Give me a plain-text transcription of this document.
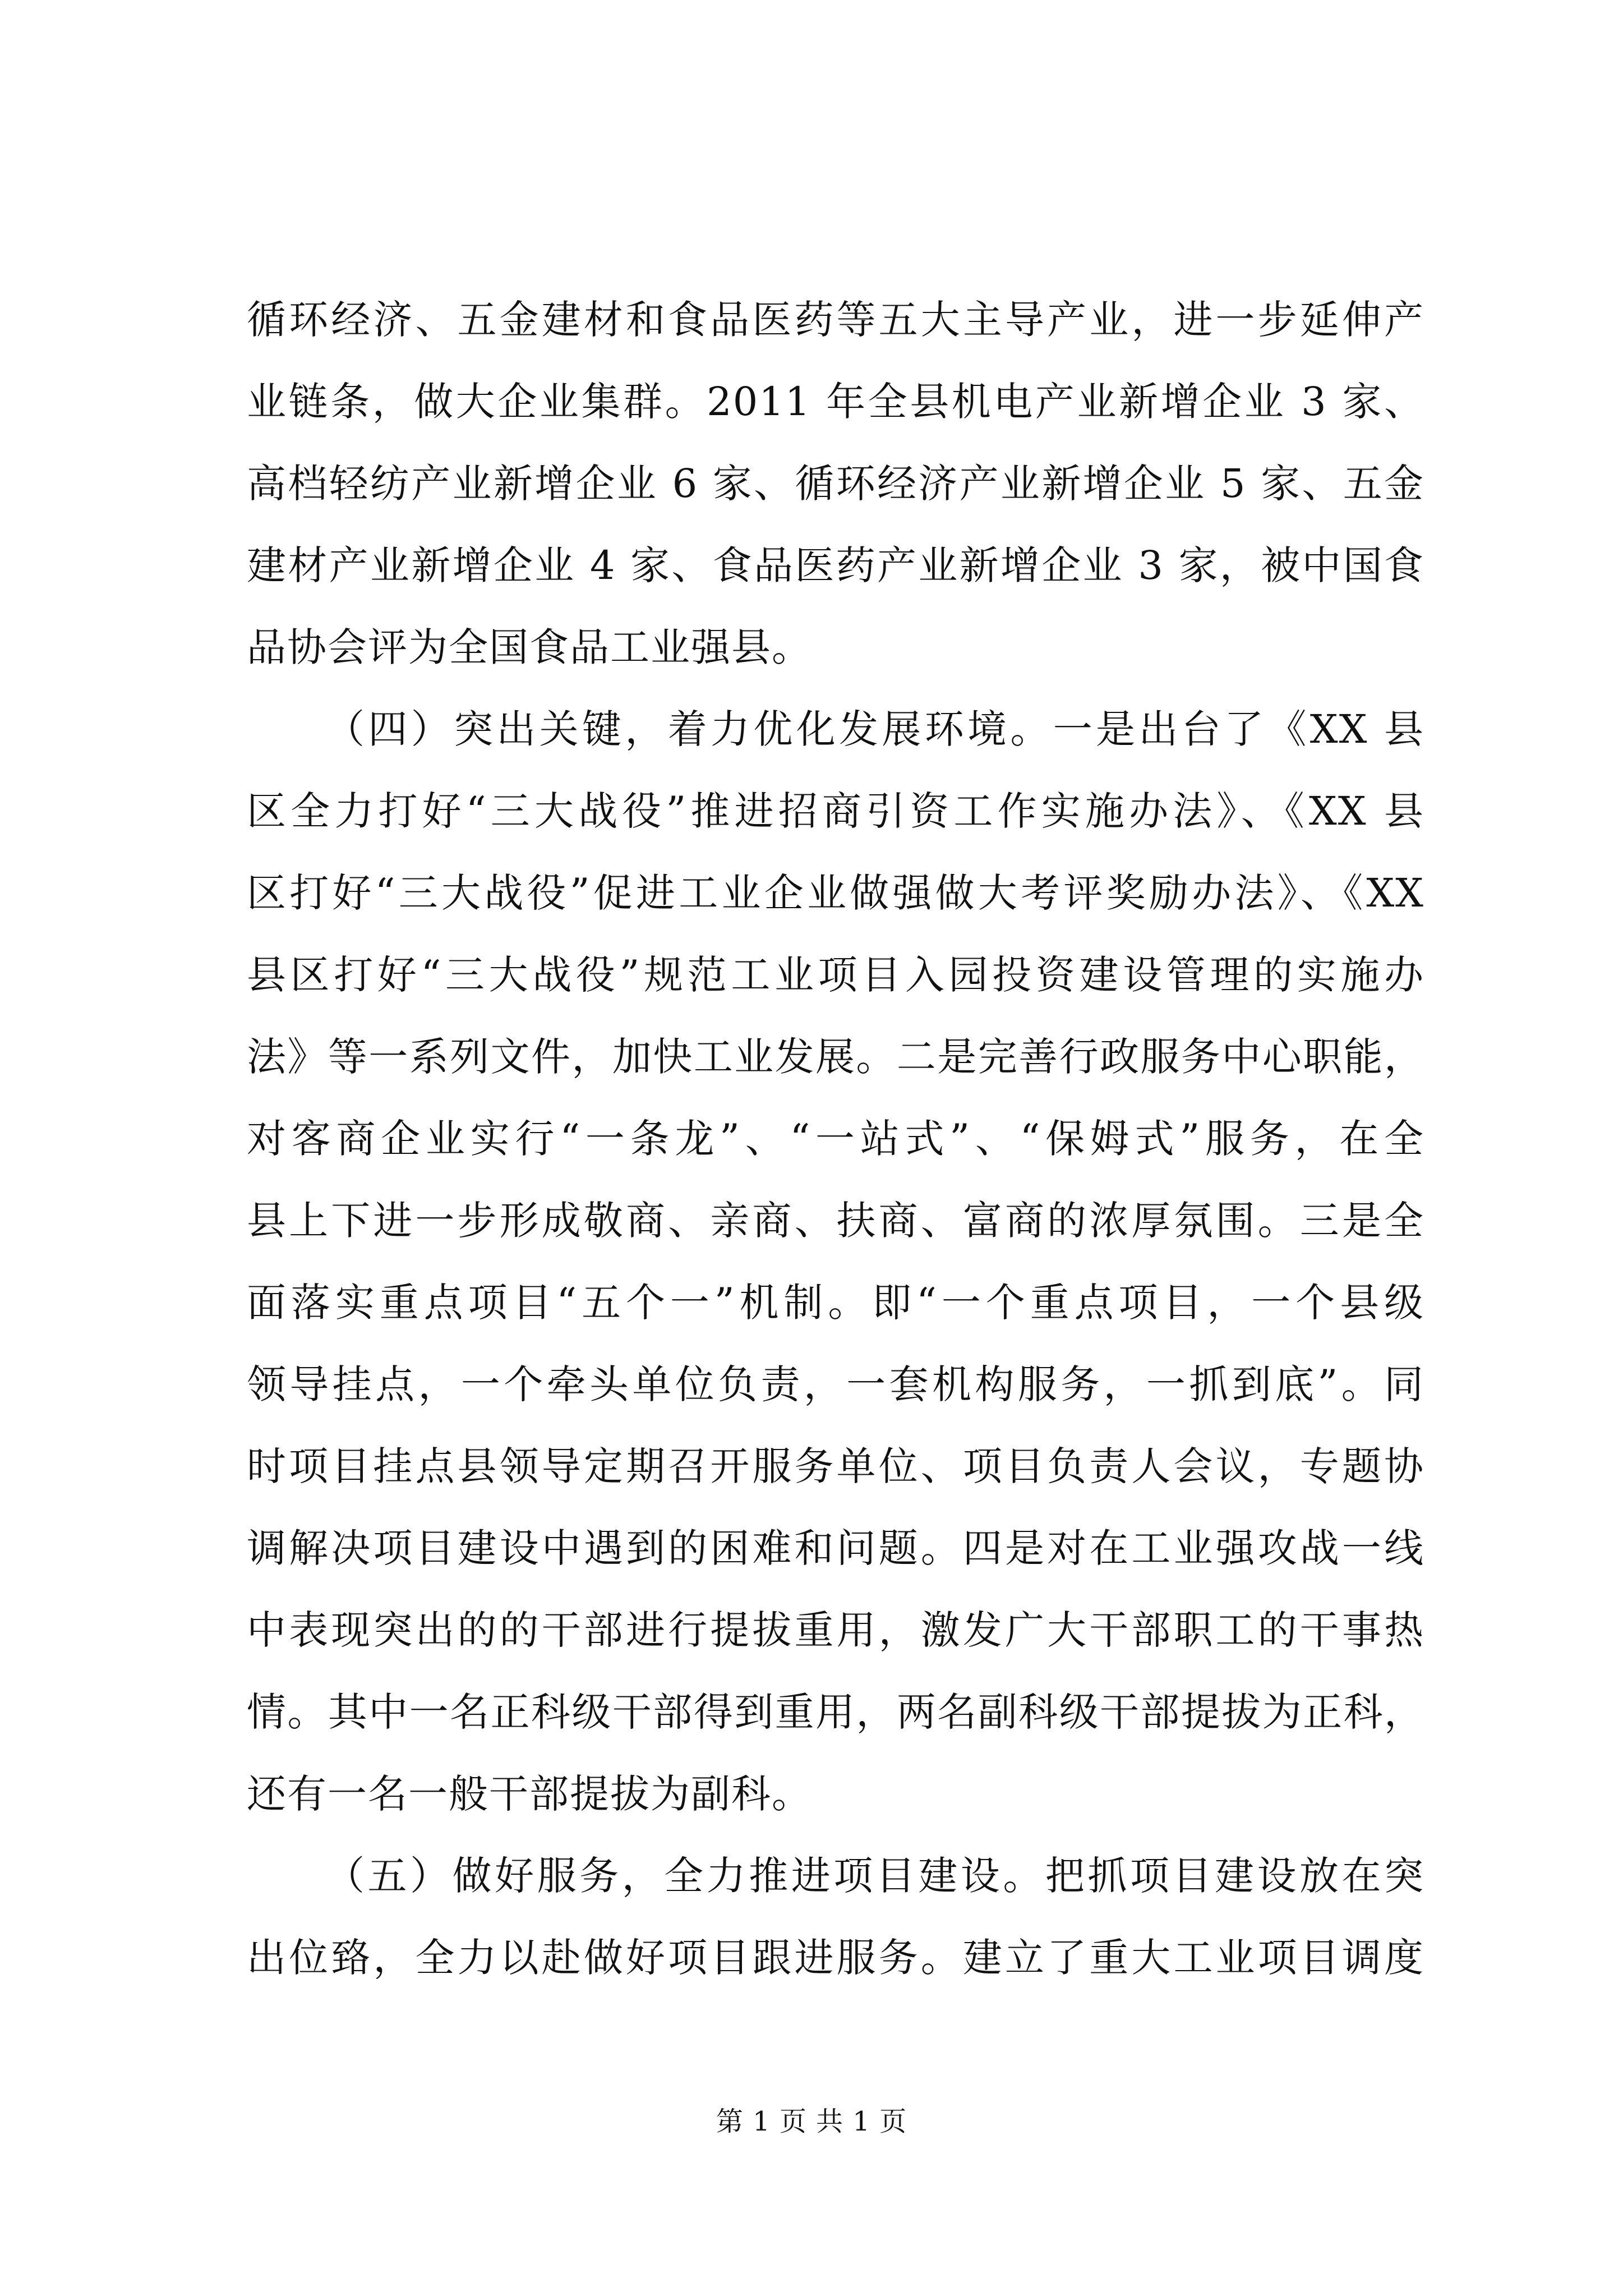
循环经济、五金建材和食品医药等五大主导产业，进一步延伸产
业链条，做大企业集群。2011 年全县机电产业新增企业 3 家、
高档轻纺产业新增企业 6 家、循环经济产业新增企业 5 家、五金
建材产业新增企业 4 家、食品医药产业新增企业 3 家，被中国食
品协会评为全国食品工业强县。
（四）突出关键，着力优化发展环境。一是出台了《XX 县
区全力打好“三大战役”推进招商引资工作实施办法》、《XX 县
区打好“三大战役”促进工业企业做强做大考评奖励办法》、《XX
县区打好“三大战役”规范工业项目入园投资建设管理的实施办
法》等一系列文件，加快工业发展。二是完善行政服务中心职能，
对客商企业实行“一条龙”、“一站式”、“保姆式”服务，在全
县上下进一步形成敬商、亲商、扶商、富商的浓厚氛围。三是全
面落实重点项目“五个一”机制。即“一个重点项目，一个县级
领导挂点，一个牵头单位负责，一套机构服务，一抓到底”。同
时项目挂点县领导定期召开服务单位、项目负责人会议，专题协
调解决项目建设中遇到的困难和问题。四是对在工业强攻战一线
中表现突出的的干部进行提拔重用，激发广大干部职工的干事热
情。其中一名正科级干部得到重用，两名副科级干部提拔为正科，
还有一名一般干部提拔为副科。
（五）做好服务，全力推进项目建设。把抓项目建设放在突
出位臵，全力以赴做好项目跟进服务。建立了重大工业项目调度
第 1 页 共 1 页
